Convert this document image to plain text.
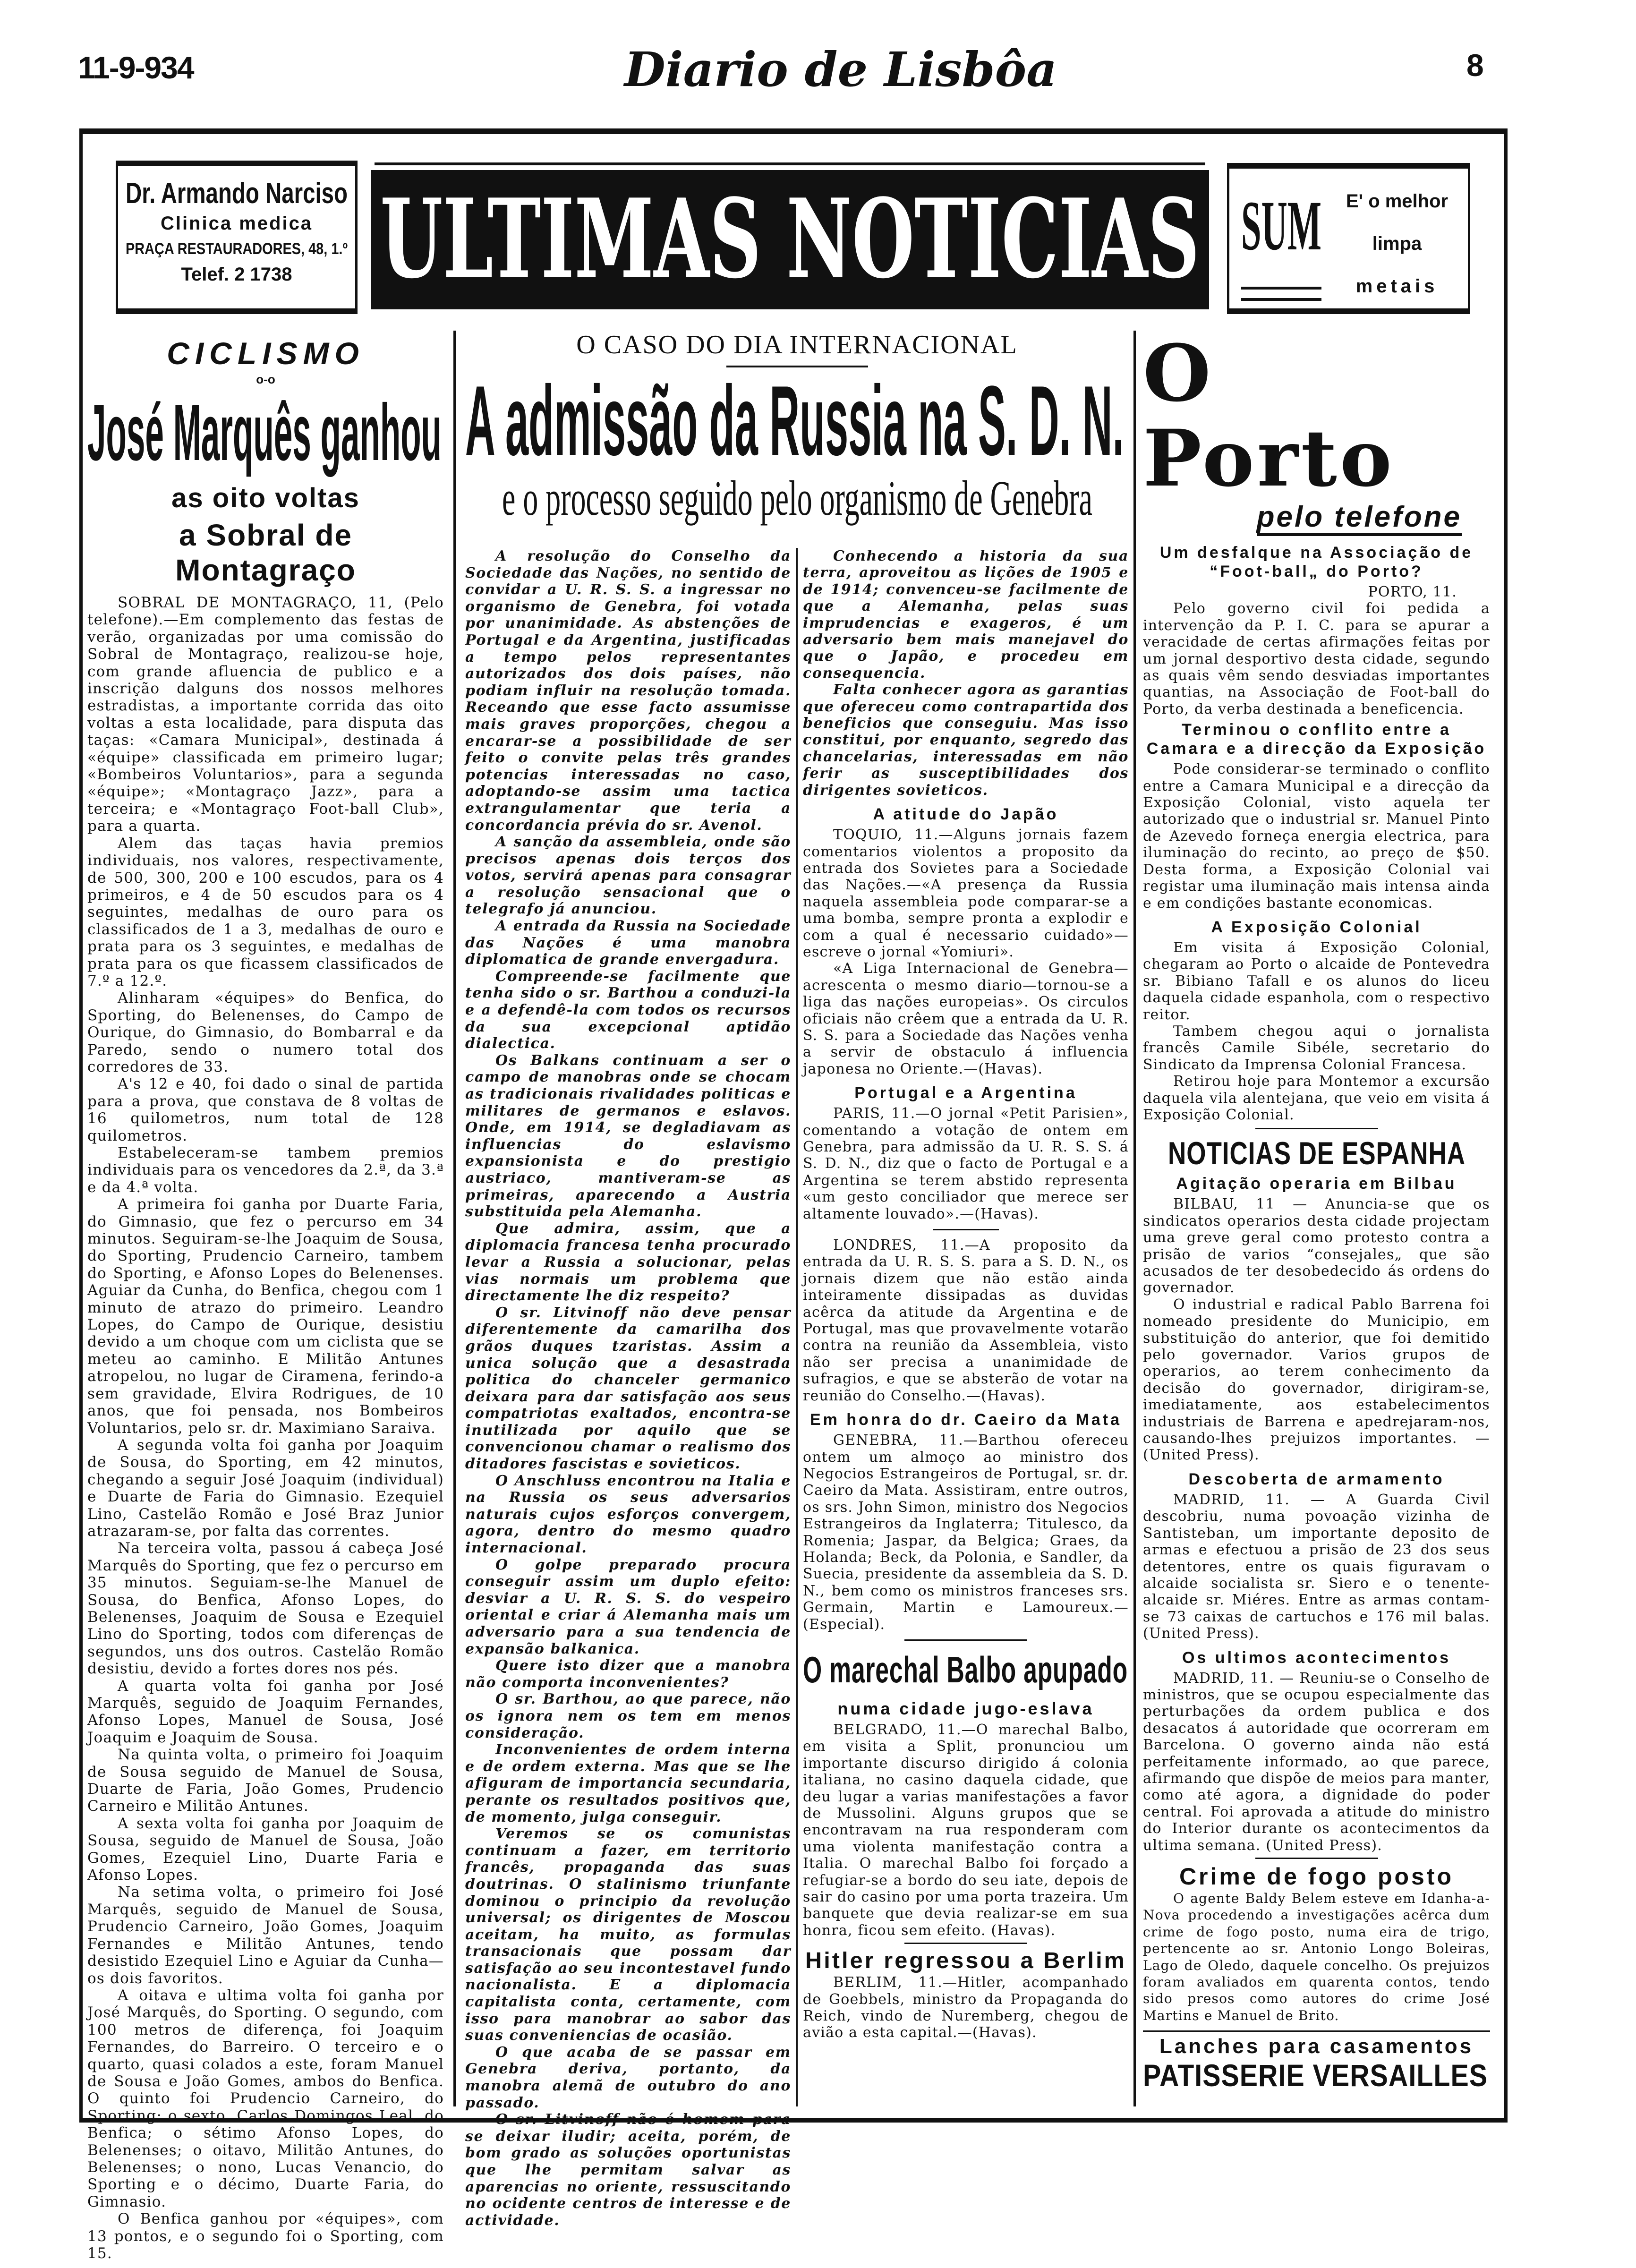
11-9-934	Diario de Lisbôa	8
Dr. Armando Narciso
Clinica medica
PRAÇA RESTAURADORES, 48, 1.º
Telef. 2 1738 ULTIMAS NOTICIAS SUM	E' o melhor
limpa
metais
CICLISMO
o-o
José Marquês ganhou
as oito voltas
a Sobral de Montagraço

SOBRAL DE MONTAGRAÇO, 11, (Pelo telefone).—Em complemento das festas de verão, organizadas por uma comissão do Sobral de Montagraço, realizou-se hoje, com grande afluencia de publico e a inscrição dalguns dos nossos melhores estradistas, a importante corrida das oito voltas a esta localidade, para disputa das taças: «Camara Municipal», destinada á «équipe» classificada em primeiro lugar; «Bombeiros Voluntarios», para a segunda «équipe»; «Montagraço Jazz», para a terceira; e «Montagraço Foot-ball Club», para a quarta.

Alem das taças havia premios individuais, nos valores, respectivamente, de 500, 300, 200 e 100 escudos, para os 4 primeiros, e 4 de 50 escudos para os 4 seguintes, medalhas de ouro para os classificados de 1 a 3, medalhas de ouro e prata para os 3 seguintes, e medalhas de prata para os que ficassem classificados de 7.º a 12.º.

Alinharam «équipes» do Benfica, do Sporting, do Belenenses, do Campo de Ourique, do Gimnasio, do Bombarral e da Paredo, sendo o numero total dos corredores de 33.

A's 12 e 40, foi dado o sinal de partida para a prova, que constava de 8 voltas de 16 quilometros, num total de 128 quilometros.

Estabeleceram-se tambem premios individuais para os vencedores da 2.ª, da 3.ª e da 4.ª volta.

A primeira foi ganha por Duarte Faria, do Gimnasio, que fez o percurso em 34 minutos. Seguiram-se-lhe Joaquim de Sousa, do Sporting, Prudencio Carneiro, tambem do Sporting, e Afonso Lopes do Belenenses. Aguiar da Cunha, do Benfica, chegou com 1 minuto de atrazo do primeiro. Leandro Lopes, do Campo de Ourique, desistiu devido a um choque com um ciclista que se meteu ao caminho. E Militão Antunes atropelou, no lugar de Ciramena, ferindo-a sem gravidade, Elvira Rodrigues, de 10 anos, que foi pensada, nos Bombeiros Voluntarios, pelo sr. dr. Maximiano Saraiva.

A segunda volta foi ganha por Joaquim de Sousa, do Sporting, em 42 minutos, chegando a seguir José Joaquim (individual) e Duarte de Faria do Gimnasio. Ezequiel Lino, Castelão Romão e José Braz Junior atrazaram-se, por falta das correntes.

Na terceira volta, passou á cabeça José Marquês do Sporting, que fez o percurso em 35 minutos. Seguiam-se-lhe Manuel de Sousa, do Benfica, Afonso Lopes, do Belenenses, Joaquim de Sousa e Ezequiel Lino do Sporting, todos com diferenças de segundos, uns dos outros. Castelão Romão desistiu, devido a fortes dores nos pés.

A quarta volta foi ganha por José Marquês, seguido de Joaquim Fernandes, Afonso Lopes, Manuel de Sousa, José Joaquim e Joaquim de Sousa.

Na quinta volta, o primeiro foi Joaquim de Sousa seguido de Manuel de Sousa, Duarte de Faria, João Gomes, Prudencio Carneiro e Militão Antunes.

A sexta volta foi ganha por Joaquim de Sousa, seguido de Manuel de Sousa, João Gomes, Ezequiel Lino, Duarte Faria e Afonso Lopes.

Na setima volta, o primeiro foi José Marquês, seguido de Manuel de Sousa, Prudencio Carneiro, João Gomes, Joaquim Fernandes e Militão Antunes, tendo desistido Ezequiel Lino e Aguiar da Cunha—os dois favoritos.

A oitava e ultima volta foi ganha por José Marquês, do Sporting. O segundo, com 100 metros de diferença, foi Joaquim Fernandes, do Barreiro. O terceiro e o quarto, quasi colados a este, foram Manuel de Sousa e João Gomes, ambos do Benfica. O quinto foi Prudencio Carneiro, do Sporting; o sexto, Carlos Domingos Leal, do Benfica; o sétimo Afonso Lopes, do Belenenses; o oitavo, Militão Antunes, do Belenenses; o nono, Lucas Venancio, do Sporting e o décimo, Duarte Faria, do Gimnasio.

O Benfica ganhou por «équipes», com 13 pontos, e o segundo foi o Sporting, com 15.

O CASO DO DIA INTERNACIONAL
A admissão da Russia na S. D. N.
e o processo seguido pelo organismo de Genebra

A resolução do Conselho da Sociedade das Nações, no sentido de convidar a U. R. S. S. a ingressar no organismo de Genebra, foi votada por unanimidade. As abstenções de Portugal e da Argentina, justificadas a tempo pelos representantes autorizados dos dois países, não podiam influir na resolução tomada. Receando que esse facto assumisse mais graves proporções, chegou a encarar-se a possibilidade de ser feito o convite pelas três grandes potencias interessadas no caso, adoptando-se assim uma tactica extrangulamentar que teria a concordancia prévia do sr. Avenol.

A sanção da assembleia, onde são precisos apenas dois terços dos votos, servirá apenas para consagrar a resolução sensacional que o telegrafo já anunciou.

A entrada da Russia na Sociedade das Nações é uma manobra diplomatica de grande envergadura.

Compreende-se facilmente que tenha sido o sr. Barthou a conduzi-la e a defendê-la com todos os recursos da sua excepcional aptidão dialectica.

Os Balkans continuam a ser o campo de manobras onde se chocam as tradicionais rivalidades politicas e militares de germanos e eslavos. Onde, em 1914, se degladiavam as influencias do eslavismo expansionista e do prestigio austriaco, mantiveram-se as primeiras, aparecendo a Austria substituida pela Alemanha.

Que admira, assim, que a diplomacia francesa tenha procurado levar a Russia a solucionar, pelas vias normais um problema que directamente lhe diz respeito?

O sr. Litvinoff não deve pensar diferentemente da camarilha dos grãos duques tzaristas. Assim a unica solução que a desastrada politica do chanceler germanico deixara para dar satisfação aos seus compatriotas exaltados, encontra-se inutilizada por aquilo que se convencionou chamar o realismo dos ditadores fascistas e sovieticos.

O Anschluss encontrou na Italia e na Russia os seus adversarios naturais cujos esforços convergem, agora, dentro do mesmo quadro internacional.

O golpe preparado procura conseguir assim um duplo efeito: desviar a U. R. S. S. do vespeiro oriental e criar á Alemanha mais um adversario para a sua tendencia de expansão balkanica.

Quere isto dizer que a manobra não comporta inconvenientes?

O sr. Barthou, ao que parece, não os ignora nem os tem em menos consideração.

Inconvenientes de ordem interna e de ordem externa. Mas que se lhe afiguram de importancia secundaria, perante os resultados positivos que, de momento, julga conseguir.

Veremos se os comunistas continuam a fazer, em territorio francês, propaganda das suas doutrinas. O stalinismo triunfante dominou o principio da revolução universal; os dirigentes de Moscou aceitam, ha muito, as formulas transacionais que possam dar satisfação ao seu incontestavel fundo nacionalista. E a diplomacia capitalista conta, certamente, com isso para manobrar ao sabor das suas conveniencias de ocasião.

O que acaba de se passar em Genebra deriva, portanto, da manobra alemã de outubro do ano passado.

O sr. Litvinoff não é homem para se deixar iludir; aceita, porém, de bom grado as soluções oportunistas que lhe permitam salvar as aparencias no oriente, ressuscitando no ocidente centros de interesse e de actividade.

Conhecendo a historia da sua terra, aproveitou as lições de 1905 e de 1914; convenceu-se facilmente de que a Alemanha, pelas suas imprudencias e exageros, é um adversario bem mais manejavel do que o Japão, e procedeu em consequencia.

Falta conhecer agora as garantias que ofereceu como contrapartida dos beneficios que conseguiu. Mas isso constitui, por enquanto, segredo das chancelarias, interessadas em não ferir as susceptibilidades dos dirigentes sovieticos.

A atitude do Japão

TOQUIO, 11.—Alguns jornais fazem comentarios violentos a proposito da entrada dos Sovietes para a Sociedade das Nações.—«A presença da Russia naquela assembleia pode comparar-se a uma bomba, sempre pronta a explodir e com a qual é necessario cuidado»—escreve o jornal «Yomiuri».

«A Liga Internacional de Genebra—acrescenta o mesmo diario—tornou-se a liga das nações europeias». Os circulos oficiais não crêem que a entrada da U. R. S. S. para a Sociedade das Nações venha a servir de obstaculo á influencia japonesa no Oriente.—(Havas).

Portugal e a Argentina

PARIS, 11.—O jornal «Petit Parisien», comentando a votação de ontem em Genebra, para admissão da U. R. S. S. á S. D. N., diz que o facto de Portugal e a Argentina se terem abstido representa «um gesto conciliador que merece ser altamente louvado».—(Havas).

LONDRES, 11.—A proposito da entrada da U. R. S. S. para a S. D. N., os jornais dizem que não estão ainda inteiramente dissipadas as duvidas acêrca da atitude da Argentina e de Portugal, mas que provavelmente votarão contra na reunião da Assembleia, visto não ser precisa a unanimidade de sufragios, e que se absterão de votar na reunião do Conselho.—(Havas).

Em honra do dr. Caeiro da Mata

GENEBRA, 11.—Barthou ofereceu ontem um almoço ao ministro dos Negocios Estrangeiros de Portugal, sr. dr. Caeiro da Mata. Assistiram, entre outros, os srs. John Simon, ministro dos Negocios Estrangeiros da Inglaterra; Titulesco, da Romenia; Jaspar, da Belgica; Graes, da Holanda; Beck, da Polonia, e Sandler, da Suecia, presidente da assembleia da S. D. N., bem como os ministros franceses srs. Germain, Martin e Lamoureux.—(Especial).

O marechal Balbo apupado
numa cidade jugo-eslava

BELGRADO, 11.—O marechal Balbo, em visita a Split, pronunciou um importante discurso dirigido á colonia italiana, no casino daquela cidade, que deu lugar a varias manifestações a favor de Mussolini. Alguns grupos que se encontravam na rua responderam com uma violenta manifestação contra a Italia. O marechal Balbo foi forçado a refugiar-se a bordo do seu iate, depois de sair do casino por uma porta trazeira. Um banquete que devia realizar-se em sua honra, ficou sem efeito. (Havas).

Hitler regressou a Berlim

BERLIM, 11.—Hitler, acompanhado de Goebbels, ministro da Propaganda do Reich, vindo de Nuremberg, chegou de avião a esta capital.—(Havas).

O Porto
pelo telefone
Um desfalque na Associação de “Foot-ball„ do Porto?
PORTO, 11.

Pelo governo civil foi pedida a intervenção da P. I. C. para se apurar a veracidade de certas afirmações feitas por um jornal desportivo desta cidade, segundo as quais vêm sendo desviadas importantes quantias, na Associação de Foot-ball do Porto, da verba destinada a beneficencia.

Terminou o conflito entre a Camara e a direcção da Exposição

Pode considerar-se terminado o conflito entre a Camara Municipal e a direcção da Exposição Colonial, visto aquela ter autorizado que o industrial sr. Manuel Pinto de Azevedo forneça energia electrica, para iluminação do recinto, ao preço de $50. Desta forma, a Exposição Colonial vai registar uma iluminação mais intensa ainda e em condições bastante economicas.

A Exposição Colonial

Em visita á Exposição Colonial, chegaram ao Porto o alcaide de Pontevedra sr. Bibiano Tafall e os alunos do liceu daquela cidade espanhola, com o respectivo reitor.

Tambem chegou aqui o jornalista francês Camile Sibéle, secretario do Sindicato da Imprensa Colonial Francesa.

Retirou hoje para Montemor a excursão daquela vila alentejana, que veio em visita á Exposição Colonial.

NOTICIAS DE ESPANHA
Agitação operaria em Bilbau

BILBAU, 11 — Anuncia-se que os sindicatos operarios desta cidade projectam uma greve geral como protesto contra a prisão de varios “consejales„ que são acusados de ter desobedecido ás ordens do governador.

O industrial e radical Pablo Barrena foi nomeado presidente do Municipio, em substituição do anterior, que foi demitido pelo governador. Varios grupos de operarios, ao terem conhecimento da decisão do governador, dirigiram-se, imediatamente, aos estabelecimentos industriais de Barrena e apedrejaram-nos, causando-lhes prejuizos importantes. —(United Press).

Descoberta de armamento

MADRID, 11. — A Guarda Civil descobriu, numa povoação vizinha de Santisteban, um importante deposito de armas e efectuou a prisão de 23 dos seus detentores, entre os quais figuravam o alcaide socialista sr. Siero e o tenente-alcaide sr. Miéres. Entre as armas contam-se 73 caixas de cartuchos e 176 mil balas. (United Press).

Os ultimos acontecimentos

MADRID, 11. — Reuniu-se o Conselho de ministros, que se ocupou especialmente das perturbações da ordem publica e dos desacatos á autoridade que ocorreram em Barcelona. O governo ainda não está perfeitamente informado, ao que parece, afirmando que dispõe de meios para manter, como até agora, a dignidade do poder central. Foi aprovada a atitude do ministro do Interior durante os acontecimentos da ultima semana. (United Press).

Crime de fogo posto

O agente Baldy Belem esteve em Idanha-a-Nova procedendo a investigações acêrca dum crime de fogo posto, numa eira de trigo, pertencente ao sr. Antonio Longo Boleiras, Lago de Oledo, daquele concelho. Os prejuizos foram avaliados em quarenta contos, tendo sido presos como autores do crime José Martins e Manuel de Brito.

Lanches para casamentos
PATISSERIE VERSAILLES
